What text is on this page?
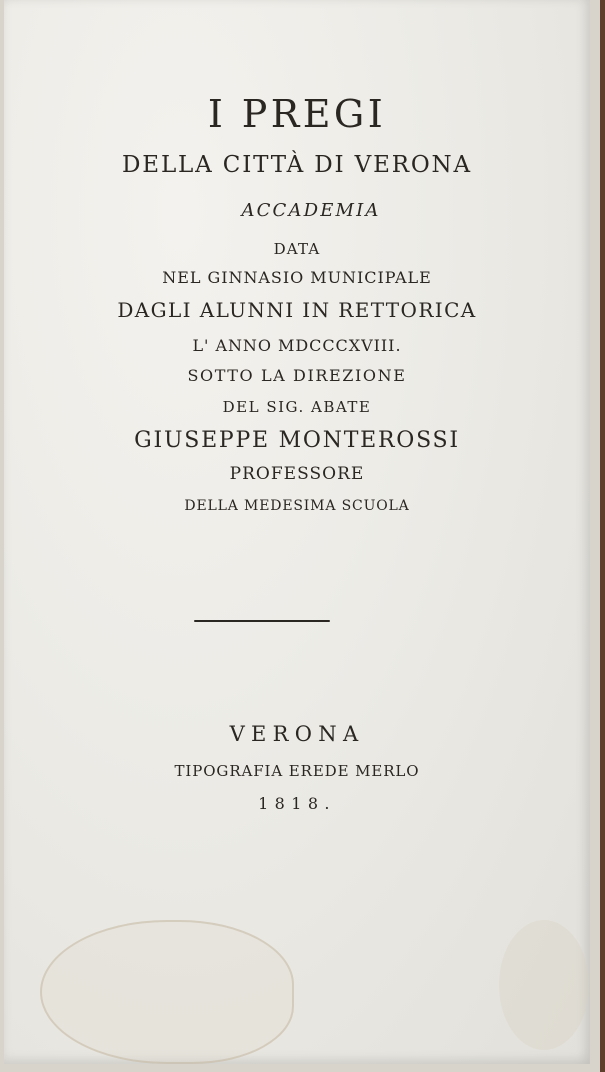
I PREGI
DELLA CITTÀ DI VERONA
ACCADEMIA
DATA
NEL GINNASIO MUNICIPALE
DAGLI ALUNNI IN RETTORICA
L' ANNO MDCCCXVIII.
SOTTO LA DIREZIONE
DEL SIG. ABATE
GIUSEPPE MONTEROSSI
PROFESSORE
DELLA MEDESIMA SCUOLA
VERONA
TIPOGRAFIA EREDE MERLO
1818.
